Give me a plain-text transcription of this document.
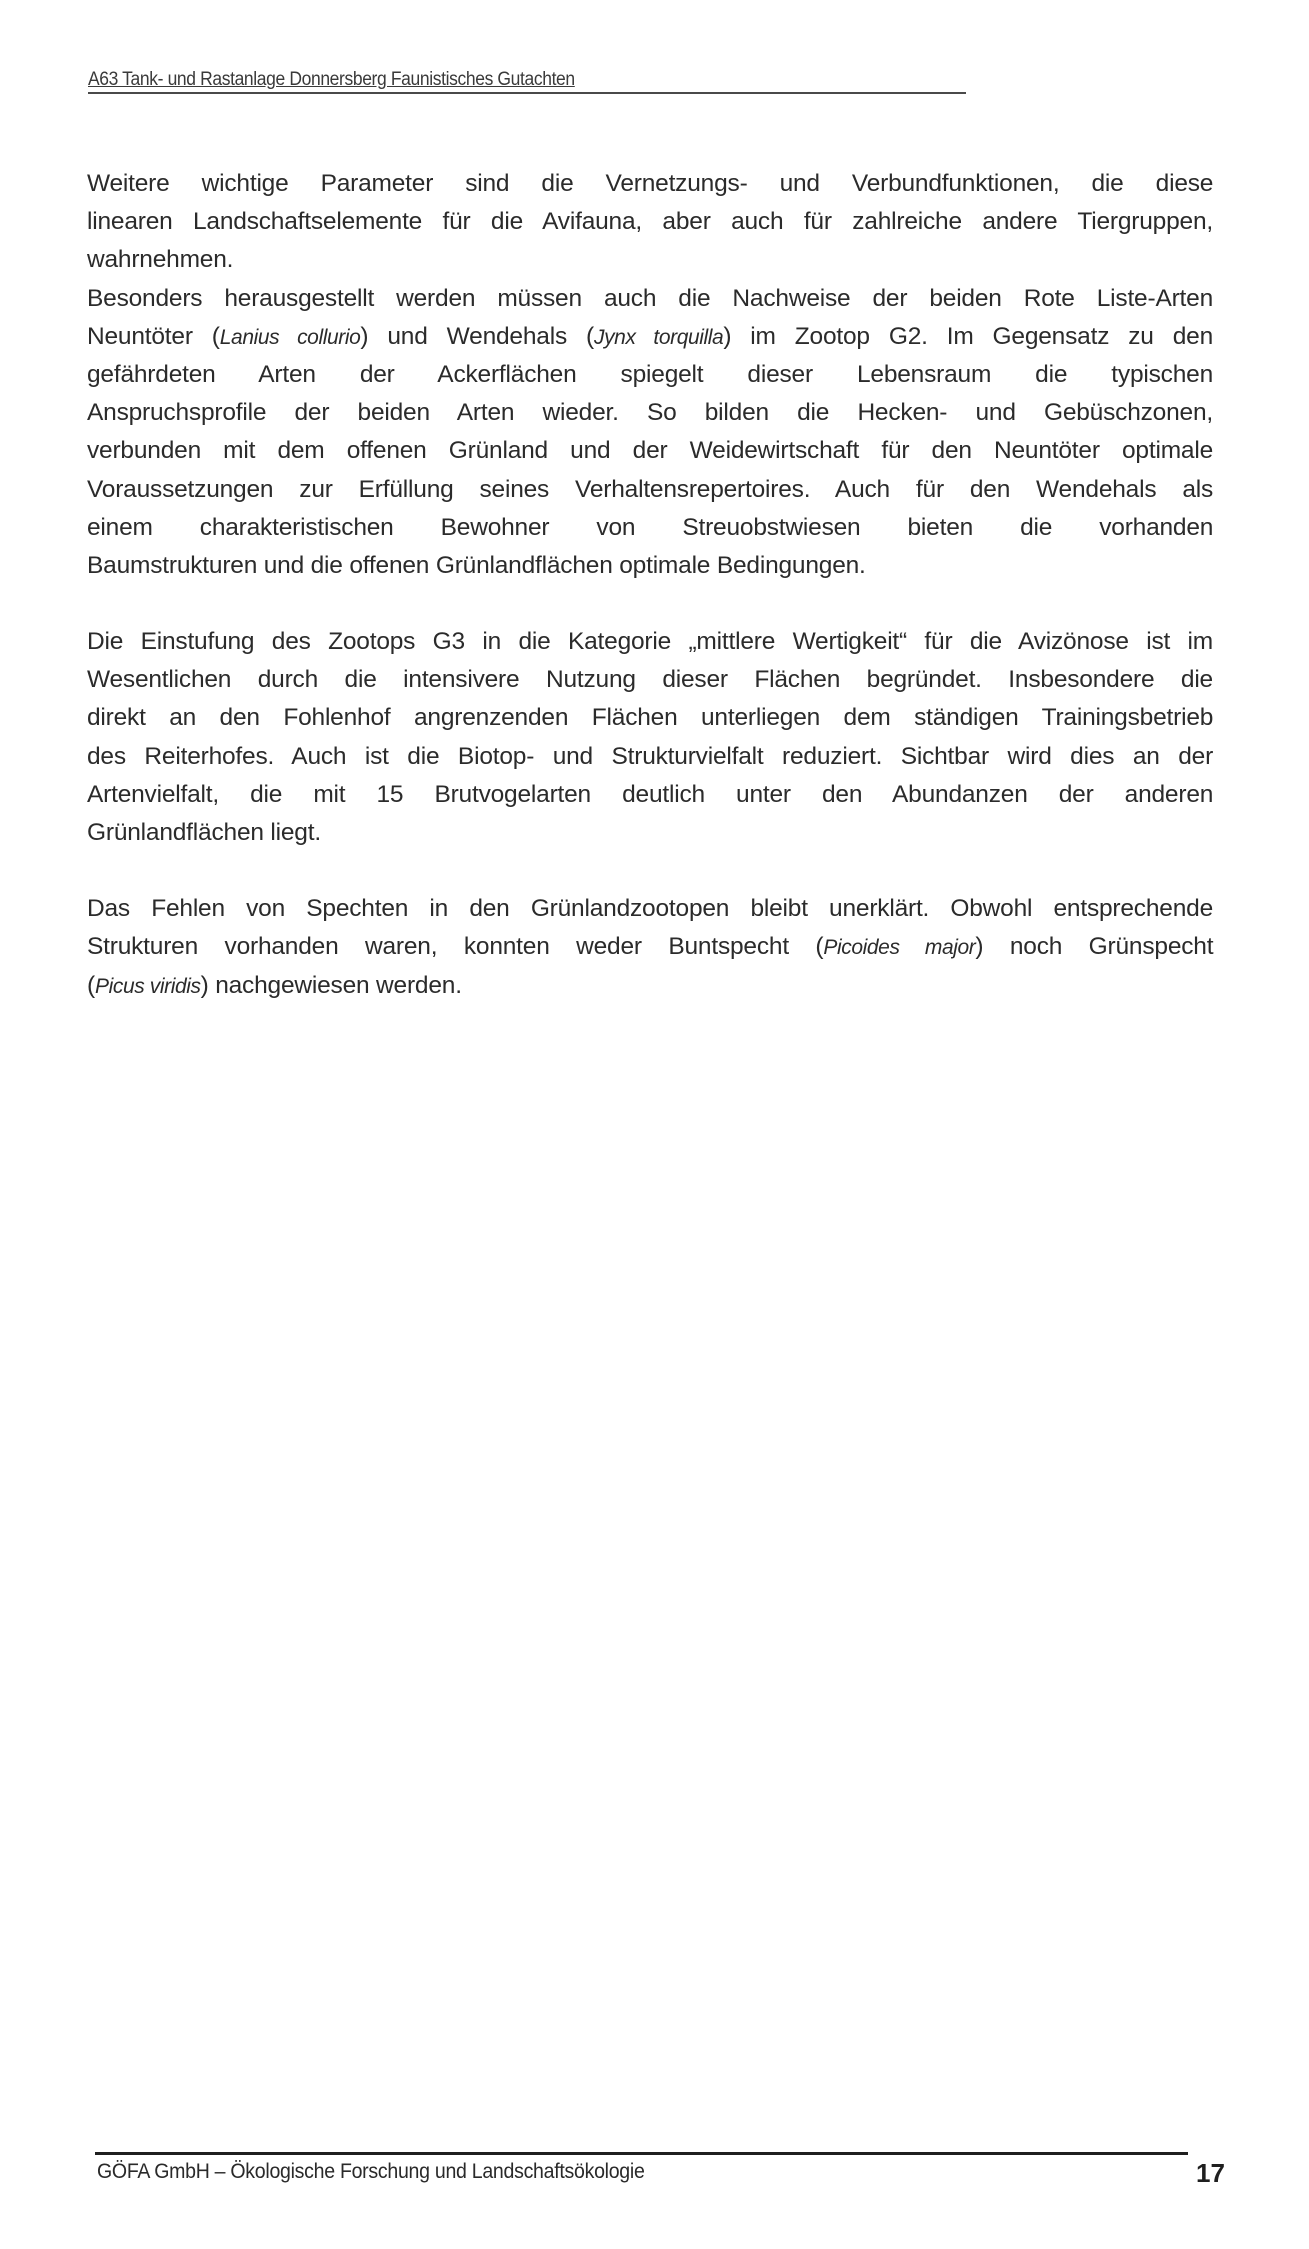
A63 Tank- und Rastanlage Donnersberg Faunistisches Gutachten
Weitere wichtige Parameter sind die Vernetzungs- und Verbundfunktionen, die diese
linearen Landschaftselemente für die Avifauna, aber auch für zahlreiche andere Tiergruppen,
wahrnehmen.
Besonders herausgestellt werden müssen auch die Nachweise der beiden Rote Liste-Arten
Neuntöter (Lanius collurio) und Wendehals (Jynx torquilla) im Zootop G2. Im Gegensatz zu den
gefährdeten Arten der Ackerflächen spiegelt dieser Lebensraum die typischen
Anspruchsprofile der beiden Arten wieder. So bilden die Hecken- und Gebüschzonen,
verbunden mit dem offenen Grünland und der Weidewirtschaft für den Neuntöter optimale
Voraussetzungen zur Erfüllung seines Verhaltensrepertoires. Auch für den Wendehals als
einem charakteristischen Bewohner von Streuobstwiesen bieten die vorhanden
Baumstrukturen und die offenen Grünlandflächen optimale Bedingungen.
Die Einstufung des Zootops G3 in die Kategorie „mittlere Wertigkeit“ für die Avizönose ist im
Wesentlichen durch die intensivere Nutzung dieser Flächen begründet. Insbesondere die
direkt an den Fohlenhof angrenzenden Flächen unterliegen dem ständigen Trainingsbetrieb
des Reiterhofes. Auch ist die Biotop- und Strukturvielfalt reduziert. Sichtbar wird dies an der
Artenvielfalt, die mit 15 Brutvogelarten deutlich unter den Abundanzen der anderen
Grünlandflächen liegt.
Das Fehlen von Spechten in den Grünlandzootopen bleibt unerklärt. Obwohl entsprechende
Strukturen vorhanden waren, konnten weder Buntspecht (Picoides major) noch Grünspecht
(Picus viridis) nachgewiesen werden.
GÖFA GmbH – Ökologische Forschung und Landschaftsökologie	17
